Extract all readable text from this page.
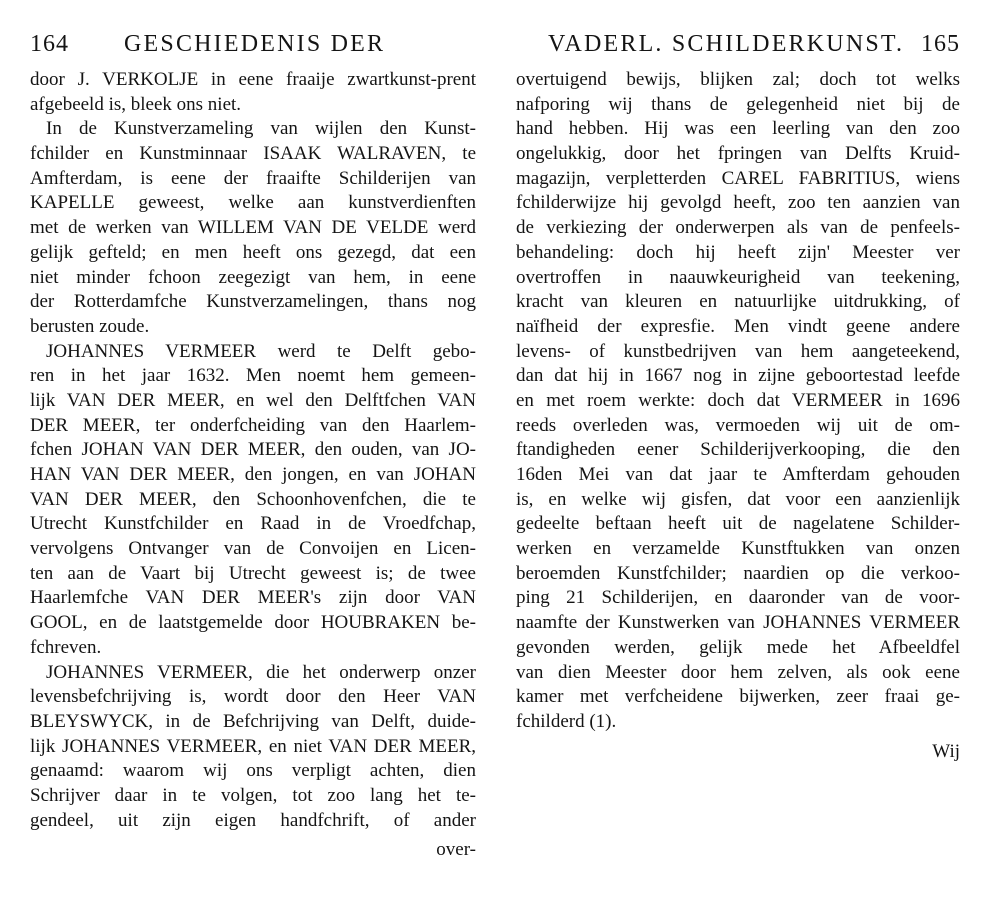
164 GESCHIEDENIS DER
door J. VERKOLJE in eene fraaije zwartkunst-prent
afgebeeld is, bleek ons niet.
In de Kunstverzameling van wijlen den Kunst-
fchilder en Kunstminnaar ISAAK WALRAVEN, te
Amfterdam, is eene der fraaifte Schilderijen van
KAPELLE geweest, welke aan kunstverdienften
met de werken van WILLEM VAN DE VELDE werd
gelijk gefteld; en men heeft ons gezegd, dat een
niet minder fchoon zeegezigt van hem, in eene
der Rotterdamfche Kunstverzamelingen, thans nog
berusten zoude.
JOHANNES VERMEER werd te Delft gebo-
ren in het jaar 1632. Men noemt hem gemeen-
lijk VAN DER MEER, en wel den Delftfchen VAN
DER MEER, ter onderfcheiding van den Haarlem-
fchen JOHAN VAN DER MEER, den ouden, van JO-
HAN VAN DER MEER, den jongen, en van JOHAN
VAN DER MEER, den Schoonhovenfchen, die te
Utrecht Kunstfchilder en Raad in de Vroedfchap,
vervolgens Ontvanger van de Convoijen en Licen-
ten aan de Vaart bij Utrecht geweest is; de twee
Haarlemfche VAN DER MEER's zijn door VAN
GOOL, en de laatstgemelde door HOUBRAKEN be-
fchreven.
JOHANNES VERMEER, die het onderwerp onzer
levensbefchrijving is, wordt door den Heer VAN
BLEYSWYCK, in de Befchrijving van Delft, duide-
lijk JOHANNES VERMEER, en niet VAN DER MEER,
genaamd: waarom wij ons verpligt achten, dien
Schrijver daar in te volgen, tot zoo lang het te-
gendeel, uit zijn eigen handfchrift, of ander
over-
VADERL. SCHILDERKUNST. 165
overtuigend bewijs, blijken zal; doch tot welks
nafporing wij thans de gelegenheid niet bij de
hand hebben. Hij was een leerling van den zoo
ongelukkig, door het fpringen van Delfts Kruid-
magazijn, verpletterden CAREL FABRITIUS, wiens
fchilderwijze hij gevolgd heeft, zoo ten aanzien van
de verkiezing der onderwerpen als van de penfeels-
behandeling: doch hij heeft zijn' Meester ver
overtroffen in naauwkeurigheid van teekening,
kracht van kleuren en natuurlijke uitdrukking, of
naïfheid der expresfie. Men vindt geene andere
levens- of kunstbedrijven van hem aangeteekend,
dan dat hij in 1667 nog in zijne geboortestad leefde
en met roem werkte: doch dat VERMEER in 1696
reeds overleden was, vermoeden wij uit de om-
ftandigheden eener Schilderijverkooping, die den
16den Mei van dat jaar te Amfterdam gehouden
is, en welke wij gisfen, dat voor een aanzienlijk
gedeelte beftaan heeft uit de nagelatene Schilder-
werken en verzamelde Kunstftukken van onzen
beroemden Kunstfchilder; naardien op die verkoo-
ping 21 Schilderijen, en daaronder van de voor-
naamfte der Kunstwerken van JOHANNES VERMEER
gevonden werden, gelijk mede het Afbeeldfel
van dien Meester door hem zelven, als ook eene
kamer met verfcheidene bijwerken, zeer fraai ge-
fchilderd (1).
Wij
